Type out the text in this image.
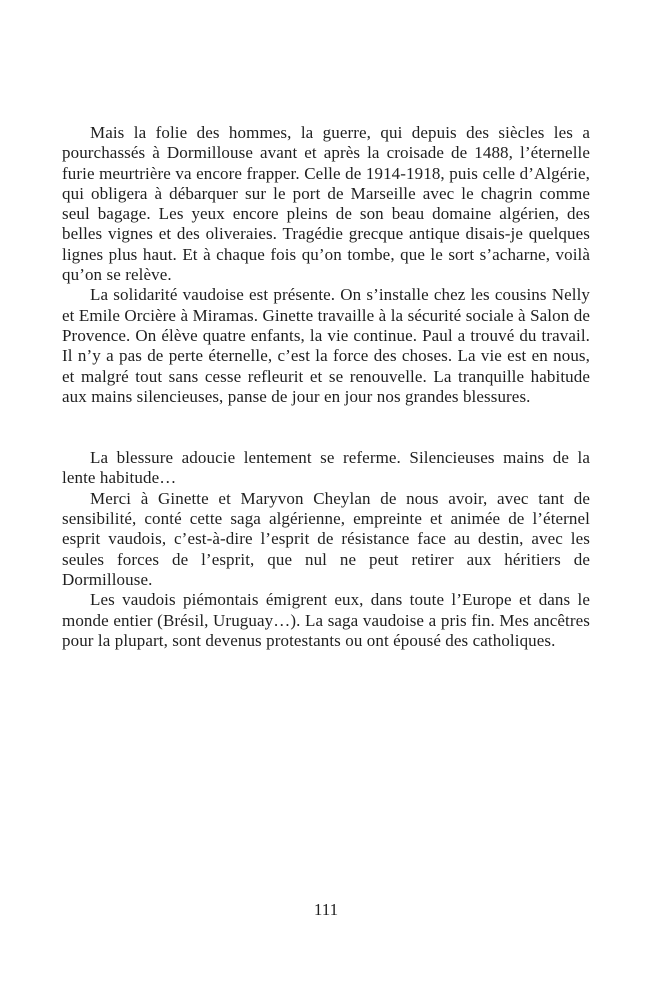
Mais la folie des hommes, la guerre, qui depuis des siècles les a pourchassés à Dormillouse avant et après la croisade de 1488, l’éternelle furie meurtrière va encore frapper. Celle de 1914-1918, puis celle d’Algérie, qui obligera à débarquer sur le port de Marseille avec le chagrin comme seul bagage. Les yeux encore pleins de son beau domaine algérien, des belles vignes et des oliveraies. Tragédie grecque antique disais-je quelques lignes plus haut. Et à chaque fois qu’on tombe, que le sort s’acharne, voilà qu’on se relève.

La solidarité vaudoise est présente. On s’installe chez les cousins Nelly et Emile Orcière à Miramas. Ginette travaille à la sécurité sociale à Salon de Provence. On élève quatre enfants, la vie continue. Paul a trouvé du travail. Il n’y a pas de perte éternelle, c’est la force des choses. La vie est en nous, et malgré tout sans cesse refleurit et se renouvelle. La tranquille habitude aux mains silencieuses, panse de jour en jour nos grandes blessures.

La blessure adoucie lentement se referme. Silencieuses mains de la lente habitude…

Merci à Ginette et Maryvon Cheylan de nous avoir, avec tant de sensibilité, conté cette saga algérienne, empreinte et animée de l’éternel esprit vaudois, c’est-à-dire l’esprit de résistance face au destin, avec les seules forces de l’esprit, que nul ne peut retirer aux héritiers de Dormillouse.

Les vaudois piémontais émigrent eux, dans toute l’Europe et dans le monde entier (Brésil, Uruguay…). La saga vaudoise a pris fin. Mes ancêtres pour la plupart, sont devenus protestants ou ont épousé des catholiques.

111
